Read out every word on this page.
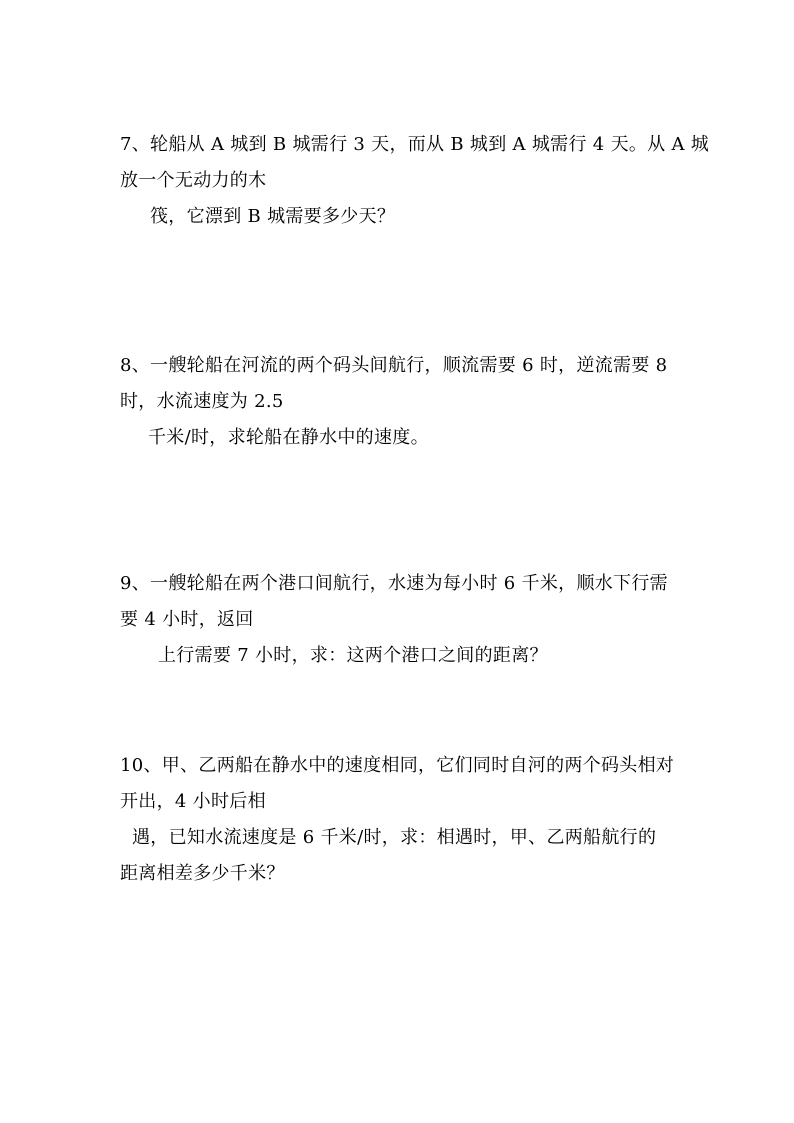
7、轮船从 A 城到 B 城需行 3 天，而从 B 城到 A 城需行 4 天。从 A 城
放一个无动力的木
筏，它漂到 B 城需要多少天？
8、一艘轮船在河流的两个码头间航行，顺流需要 6 时，逆流需要 8
时，水流速度为 2.5
千米/时，求轮船在静水中的速度。
9、一艘轮船在两个港口间航行，水速为每小时 6 千米，顺水下行需
要 4 小时，返回
上行需要 7 小时，求：这两个港口之间的距离？
10、甲、乙两船在静水中的速度相同，它们同时自河的两个码头相对
开出，4 小时后相
遇，已知水流速度是 6 千米/时，求：相遇时，甲、乙两船航行的
距离相差多少千米？
